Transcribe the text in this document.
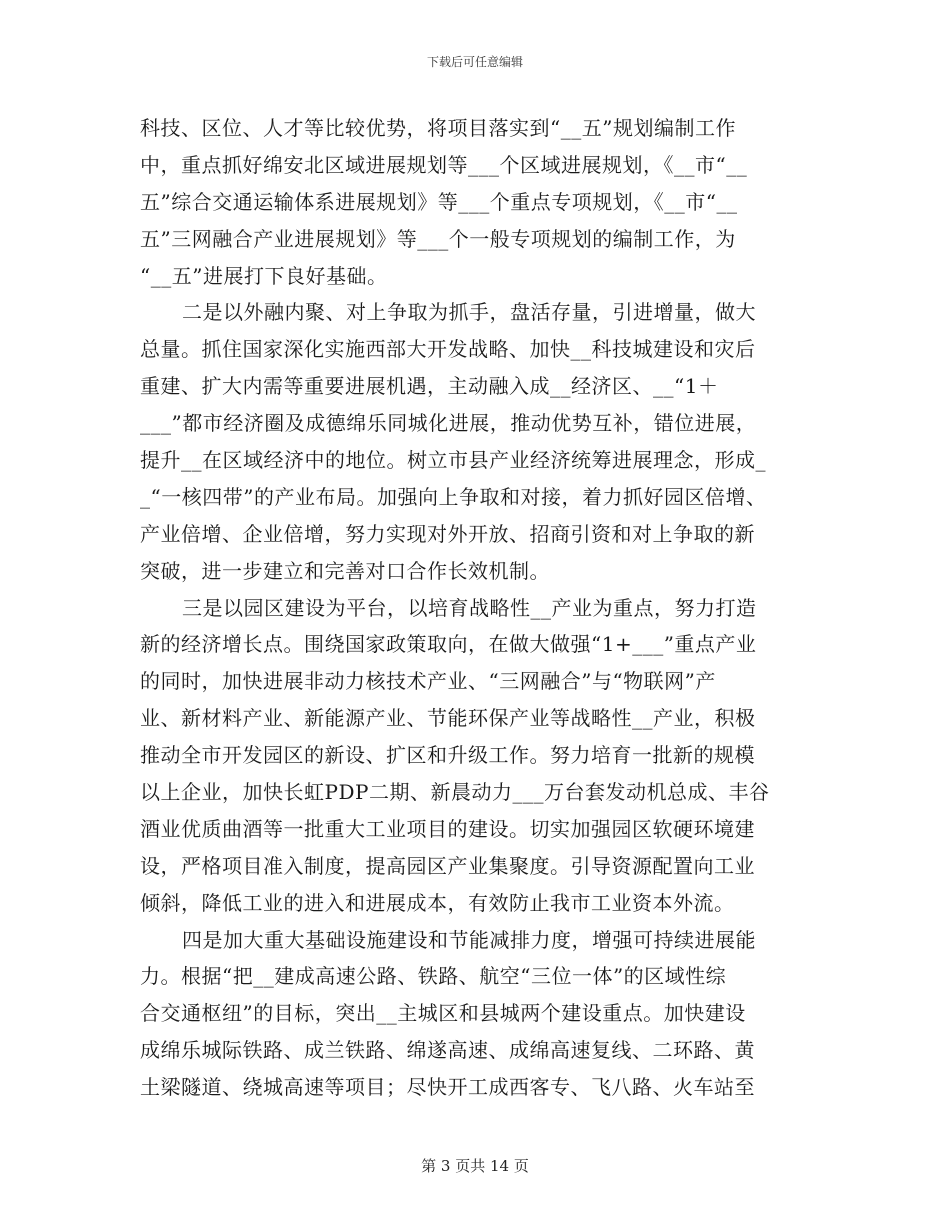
下载后可任意编辑
科技、区位、人才等比较优势，将项目落实到“__五”规划编制工作
中，重点抓好绵安北区域进展规划等___个区域进展规划，《__市“__
五”综合交通运输体系进展规划》等___个重点专项规划，《__市“__
五”三网融合产业进展规划》等___个一般专项规划的编制工作，为
“__五”进展打下良好基础。
二是以外融内聚、对上争取为抓手，盘活存量，引进增量，做大
总量。抓住国家深化实施西部大开发战略、加快__科技城建设和灾后
重建、扩大内需等重要进展机遇，主动融入成__经济区、__“1＋
___”都市经济圈及成德绵乐同城化进展，推动优势互补，错位进展，
提升__在区域经济中的地位。树立市县产业经济统筹进展理念，形成_
_“一核四带”的产业布局。加强向上争取和对接，着力抓好园区倍增、
产业倍增、企业倍增，努力实现对外开放、招商引资和对上争取的新
突破，进一步建立和完善对口合作长效机制。
三是以园区建设为平台，以培育战略性__产业为重点，努力打造
新的经济增长点。围绕国家政策取向，在做大做强“1+___”重点产业
的同时，加快进展非动力核技术产业、“三网融合”与“物联网”产
业、新材料产业、新能源产业、节能环保产业等战略性__产业，积极
推动全市开发园区的新设、扩区和升级工作。努力培育一批新的规模
以上企业，加快长虹PDP二期、新晨动力___万台套发动机总成、丰谷
酒业优质曲酒等一批重大工业项目的建设。切实加强园区软硬环境建
设，严格项目准入制度，提高园区产业集聚度。引导资源配置向工业
倾斜，降低工业的进入和进展成本，有效防止我市工业资本外流。
四是加大重大基础设施建设和节能减排力度，增强可持续进展能
力。根据“把__建成高速公路、铁路、航空“三位一体”的区域性综
合交通枢纽”的目标，突出__主城区和县城两个建设重点。加快建设
成绵乐城际铁路、成兰铁路、绵遂高速、成绵高速复线、二环路、黄
土梁隧道、绕城高速等项目；尽快开工成西客专、飞八路、火车站至
第 3 页共 14 页
